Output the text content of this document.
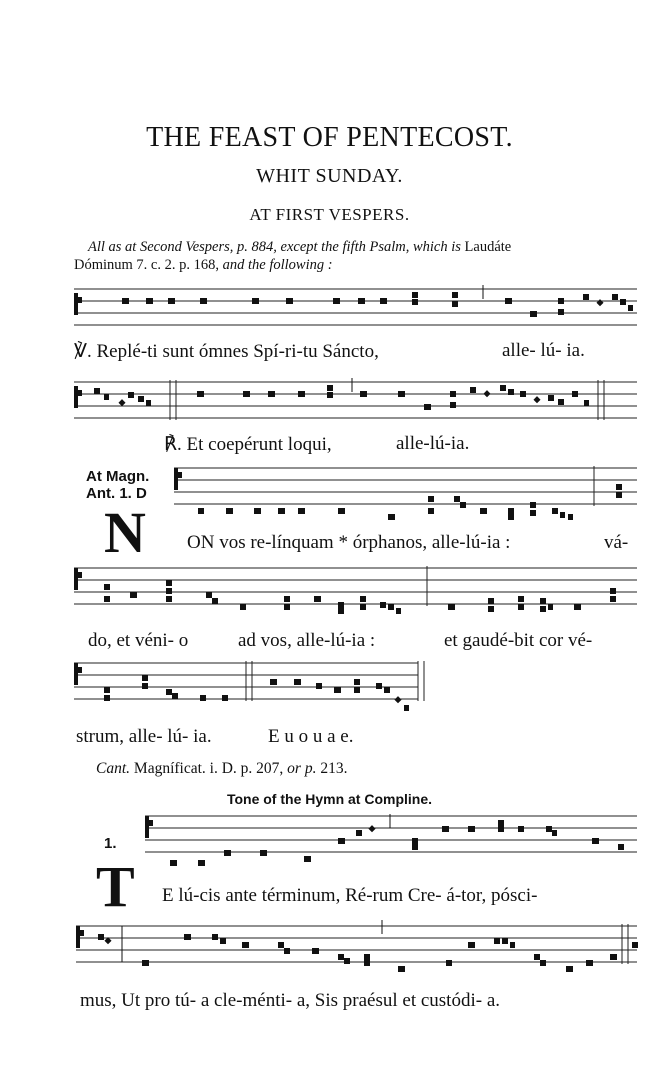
THE FEAST OF PENTECOST.
WHIT SUNDAY.
AT FIRST VESPERS.
All as at Second Vespers, p. 884, except the fifth Psalm, which is Laudáte
Dóminum 7. c. 2. p. 168, and the following :
℣. Replé-ti sunt ómnes Spí-ri-tu Sáncto,	alle- lú- ia.
℟. Et coepérunt loqui,	alle-lú-ia.
At Magn.
Ant. 1. D
N ON vos re-línquam * órphanos, alle-lú-ia :	vá-
do, et véni- o	ad vos, alle-lú-ia :	et gaudé-bit cor vé-
strum, alle- lú- ia.	E u o u a e.
Cant. Magníficat. i. D. p. 207, or p. 213.
Tone of the Hymn at Compline.
1.
T E lú-cis ante términum, Ré-rum Cre- á-tor, pósci-
mus, Ut pro tú- a cle-ménti- a, Sis praésul et custódi- a.
